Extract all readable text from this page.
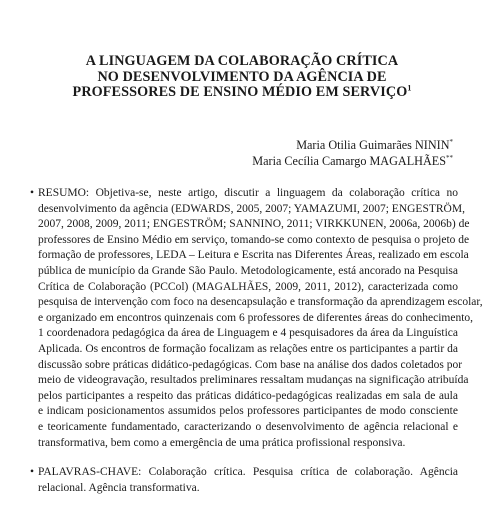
A LINGUAGEM DA COLABORAÇÃO CRÍTICA
NO DESENVOLVIMENTO DA AGÊNCIA DE
PROFESSORES DE ENSINO MÉDIO EM SERVIÇO$^1$
Maria Otilia Guimarães NININ*
Maria Cecília Camargo MAGALHÃES**
• RESUMO: Objetiva-se, neste artigo, discutir a linguagem da colaboração crítica no
desenvolvimento da agência (EDWARDS, 2005, 2007; YAMAZUMI, 2007; ENGESTRÖM,
2007, 2008, 2009, 2011; ENGESTRÖM; SANNINO, 2011; VIRKKUNEN, 2006a, 2006b) de
professores de Ensino Médio em serviço, tomando-se como contexto de pesquisa o projeto de
formação de professores, LEDA – Leitura e Escrita nas Diferentes Áreas, realizado em escola
pública de município da Grande São Paulo. Metodologicamente, está ancorado na Pesquisa
Crítica de Colaboração (PCCol) (MAGALHÃES, 2009, 2011, 2012), caracterizada como
pesquisa de intervenção com foco na desencapsulação e transformação da aprendizagem escolar,
e organizado em encontros quinzenais com 6 professores de diferentes áreas do conhecimento,
1 coordenadora pedagógica da área de Linguagem e 4 pesquisadores da área da Linguística
Aplicada. Os encontros de formação focalizam as relações entre os participantes a partir da
discussão sobre práticas didático-pedagógicas. Com base na análise dos dados coletados por
meio de videogravação, resultados preliminares ressaltam mudanças na significação atribuída
pelos participantes a respeito das práticas didático-pedagógicas realizadas em sala de aula
e indicam posicionamentos assumidos pelos professores participantes de modo consciente
e teoricamente fundamentado, caracterizando o desenvolvimento de agência relacional e
transformativa, bem como a emergência de uma prática profissional responsiva.
• PALAVRAS-CHAVE: Colaboração crítica. Pesquisa crítica de colaboração. Agência
relacional. Agência transformativa.
